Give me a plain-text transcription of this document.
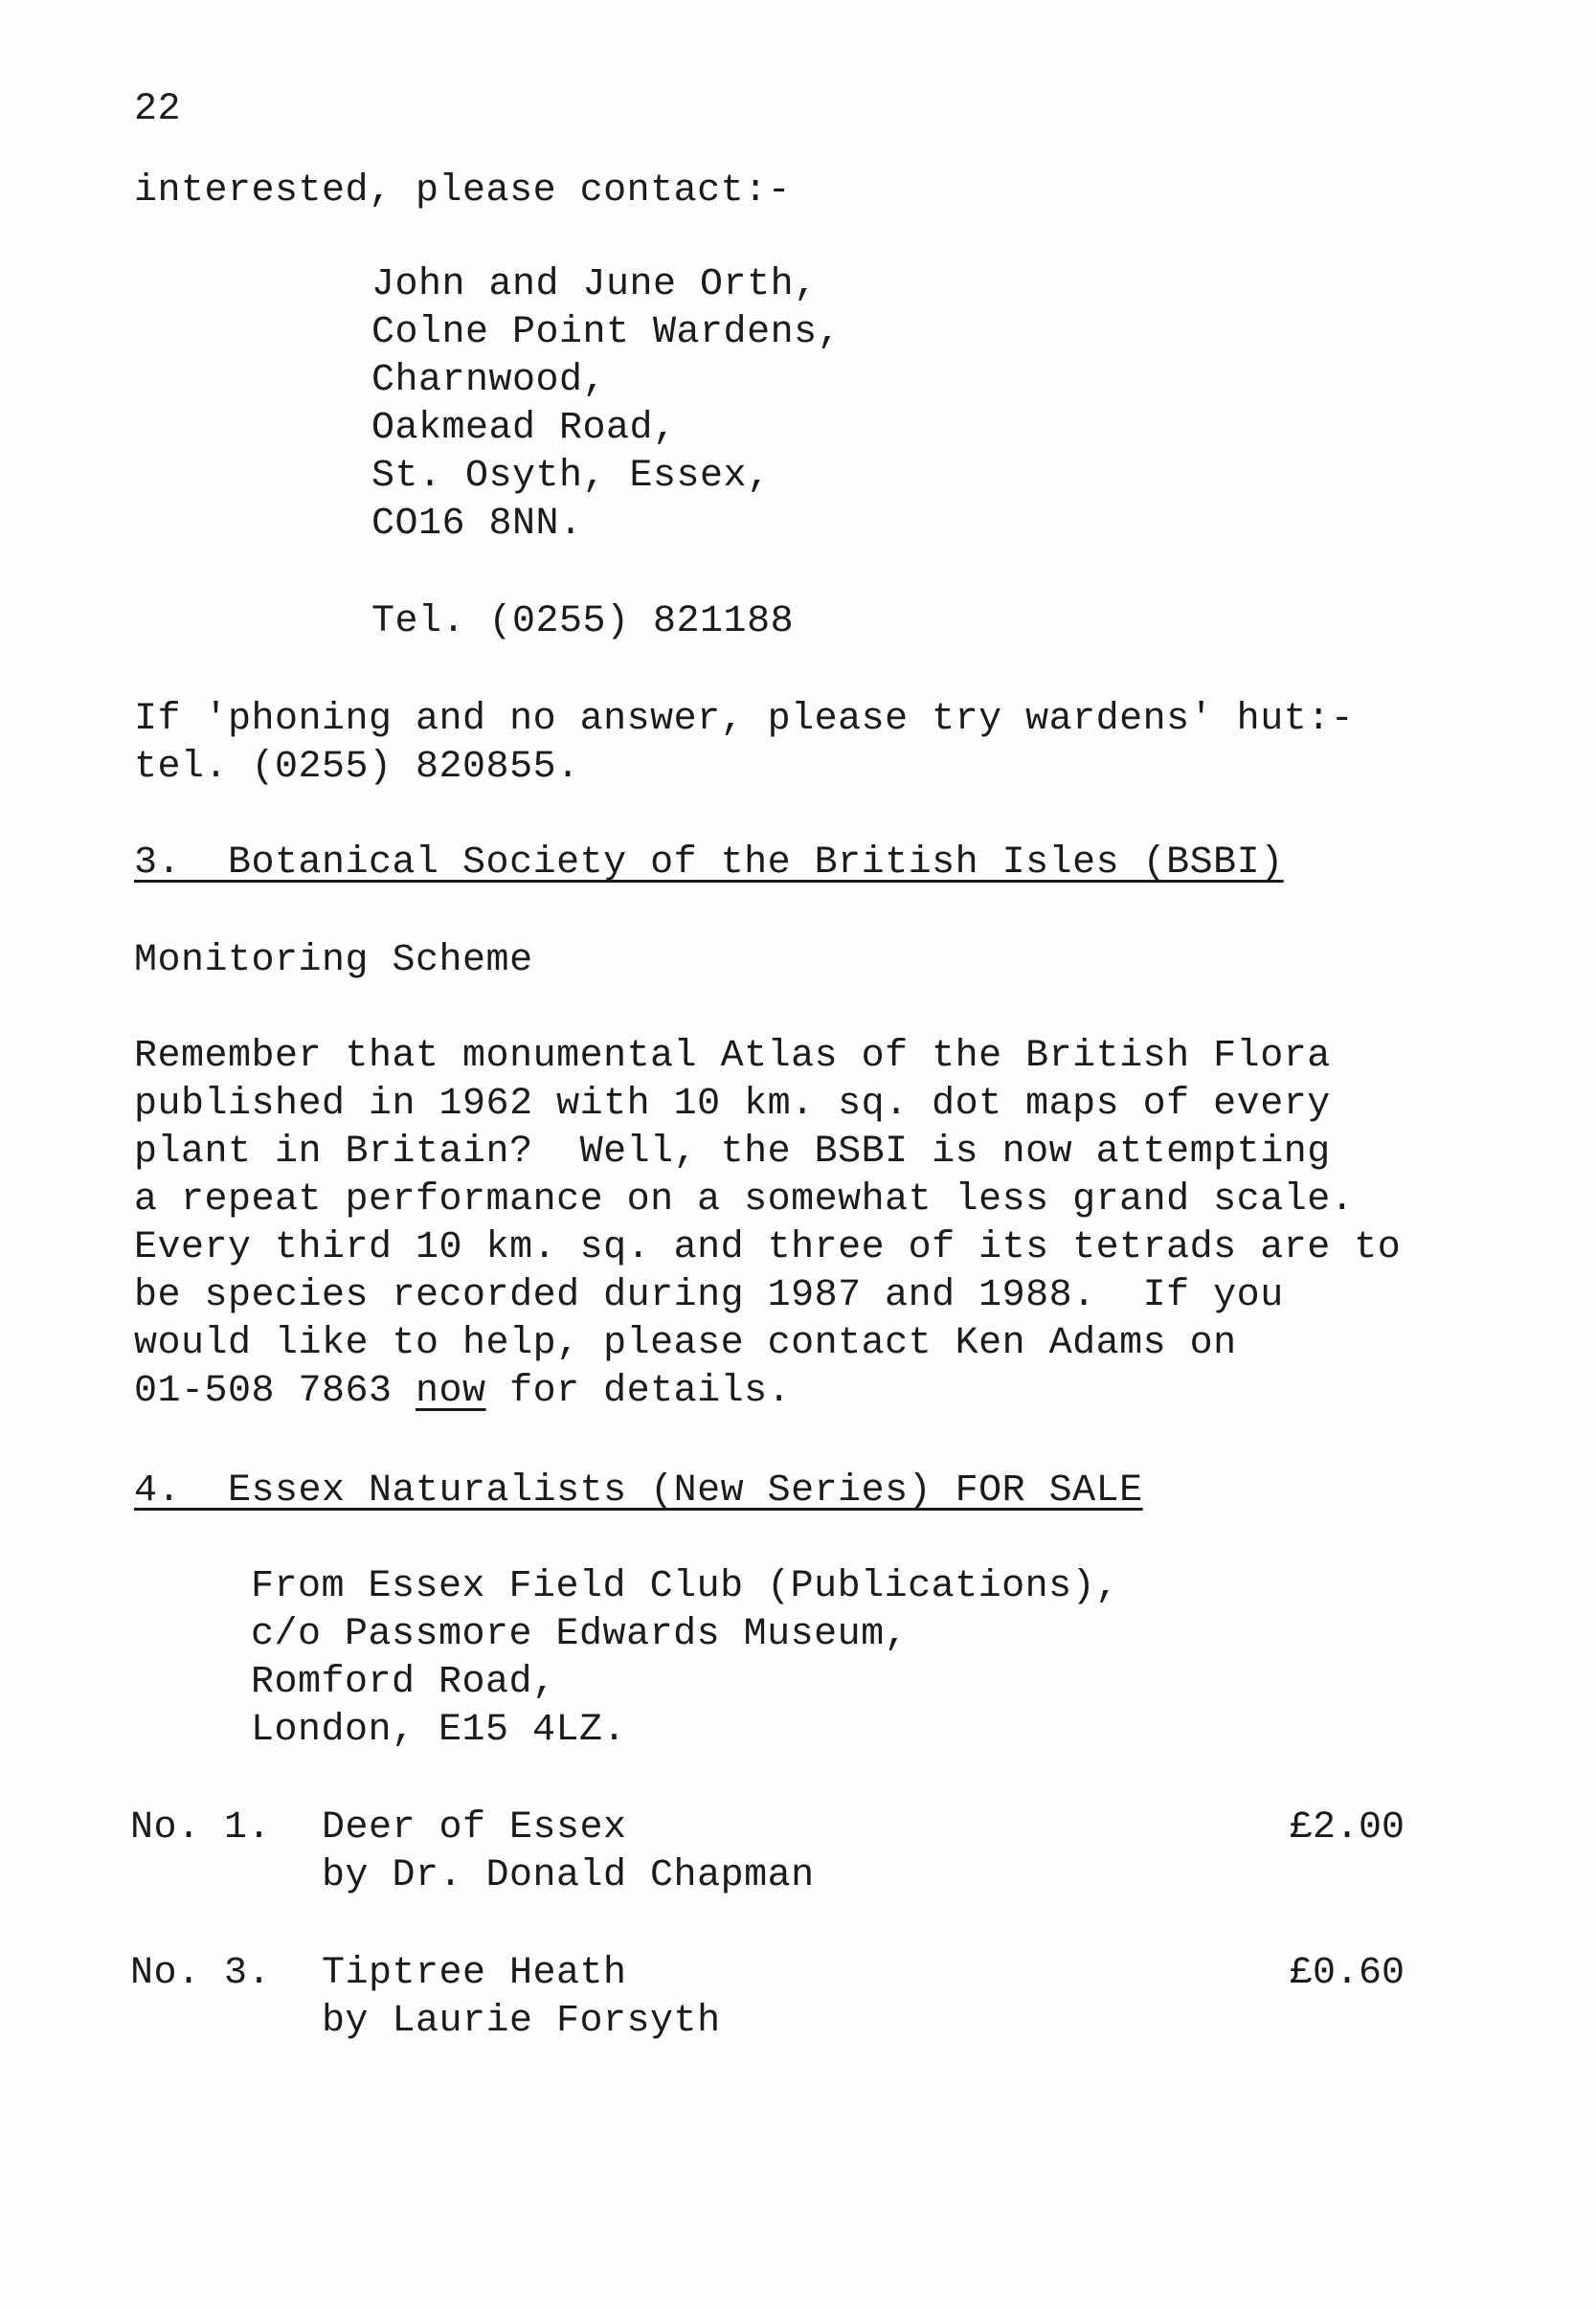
22
interested, please contact:-
John and June Orth,
Colne Point Wardens,
Charnwood,
Oakmead Road,
St. Osyth, Essex,
CO16 8NN.
Tel. (0255) 821188
If 'phoning and no answer, please try wardens' hut:-
tel. (0255) 820855.
3.  Botanical Society of the British Isles (BSBI)
Monitoring Scheme
Remember that monumental Atlas of the British Flora
published in 1962 with 10 km. sq. dot maps of every
plant in Britain?  Well, the BSBI is now attempting
a repeat performance on a somewhat less grand scale.
Every third 10 km. sq. and three of its tetrads are to
be species recorded during 1987 and 1988.  If you
would like to help, please contact Ken Adams on
01-508 7863 now for details.
4.  Essex Naturalists (New Series) FOR SALE
From Essex Field Club (Publications),
c/o Passmore Edwards Museum,
Romford Road,
London, E15 4LZ.
No. 1. Deer of Essex	£2.00
by Dr. Donald Chapman
No. 3. Tiptree Heath	£0.60
by Laurie Forsyth
